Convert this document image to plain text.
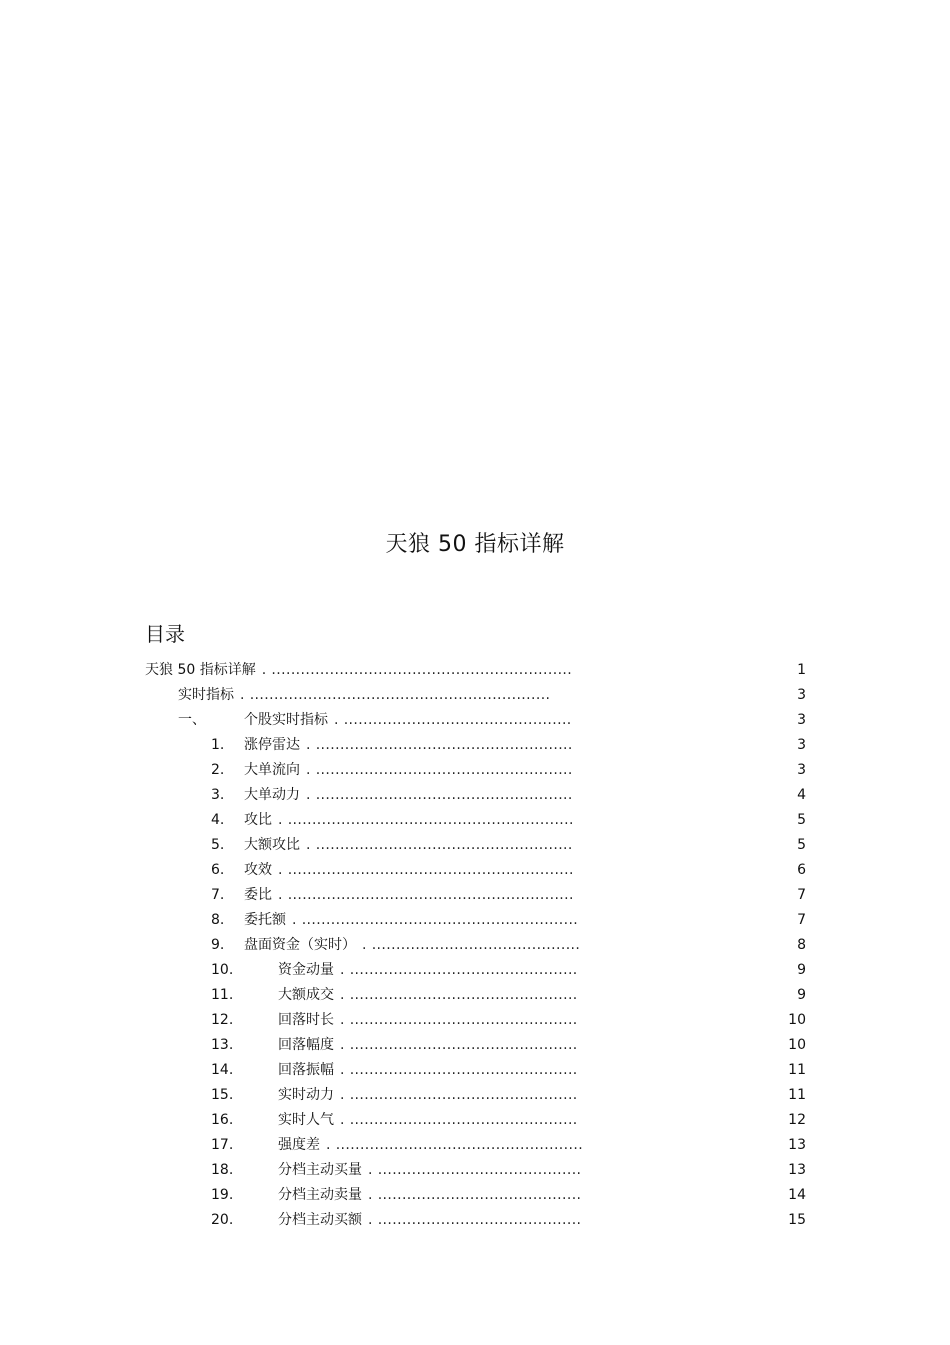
天狼 50 指标详解
目录
天狼 50 指标详解 . ..............................................................	1
实时指标 . ..............................................................	3
一、	个股实时指标 . ...............................................	3
1. 涨停雷达 . .....................................................	3
2. 大单流向 . .....................................................	3
3. 大单动力 . .....................................................	4
4. 攻比 . ...........................................................	5
5. 大额攻比 . .....................................................	5
6. 攻效 . ...........................................................	6
7. 委比 . ...........................................................	7
8. 委托额 . .........................................................	7
9. 盘面资金（实时） . ...........................................	8
10.	资金动量 . ...............................................	9
11.	大额成交 . ...............................................	9
12.	回落时长 . ...............................................	10
13.	回落幅度 . ...............................................	10
14.	回落振幅 . ...............................................	11
15.	实时动力 . ...............................................	11
16.	实时人气 . ...............................................	12
17.	强度差 . ...................................................	13
18.	分档主动买量 . ..........................................	13
19.	分档主动卖量 . ..........................................	14
20.	分档主动买额 . ..........................................	15
